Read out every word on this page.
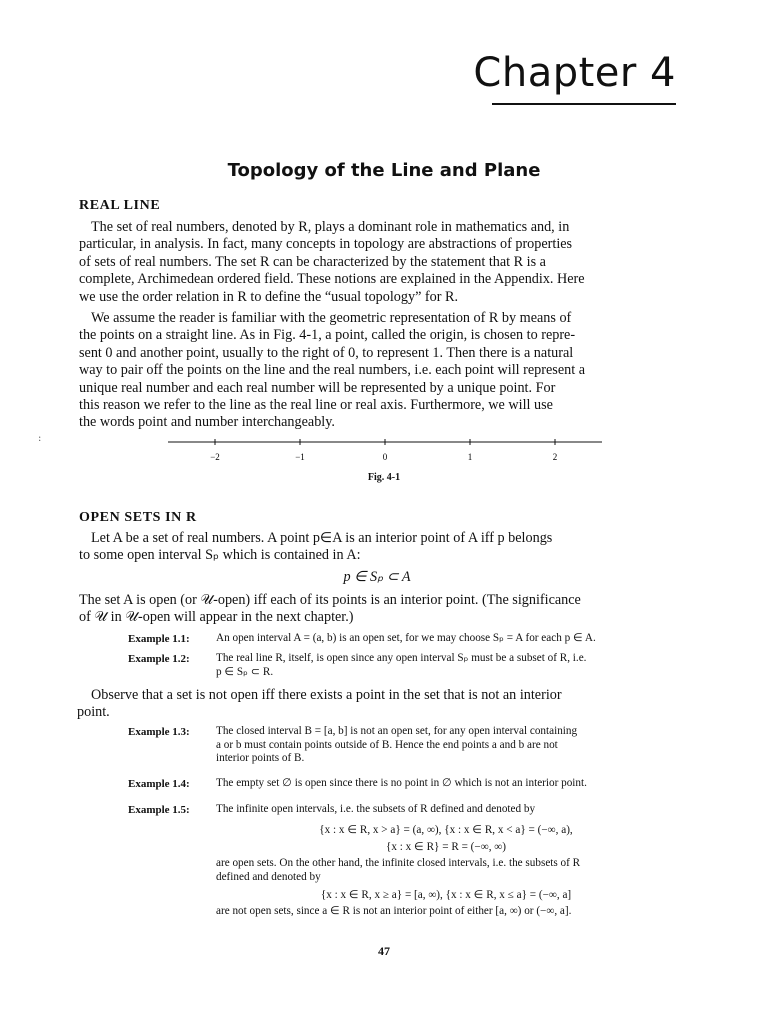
Chapter 4
Topology of the Line and Plane
REAL LINE
The set of real numbers, denoted by R, plays a dominant role in mathematics and, in
particular, in analysis. In fact, many concepts in topology are abstractions of properties
of sets of real numbers. The set R can be characterized by the statement that R is a
complete, Archimedean ordered field. These notions are explained in the Appendix. Here
we use the order relation in R to define the “usual topology” for R.
We assume the reader is familiar with the geometric representation of R by means of
the points on a straight line. As in Fig. 4-1, a point, called the origin, is chosen to repre-
sent 0 and another point, usually to the right of 0, to represent 1. Then there is a natural
way to pair off the points on the line and the real numbers, i.e. each point will represent a
unique real number and each real number will be represented by a unique point. For
this reason we refer to the line as the real line or real axis. Furthermore, we will use
the words point and number interchangeably.
:
−2	−1	0	1	2
Fig. 4-1
OPEN SETS IN R
Let A be a set of real numbers. A point p∈A is an interior point of A iff p belongs
to some open interval Sₚ which is contained in A:
p ∈ Sₚ ⊂ A
The set A is open (or 𝒰-open) iff each of its points is an interior point. (The significance
of 𝒰 in 𝒰-open will appear in the next chapter.)
Example 1.1: An open interval A = (a, b) is an open set, for we may choose Sₚ = A for each p ∈ A.
Example 1.2: The real line R, itself, is open since any open interval Sₚ must be a subset of R, i.e.
p ∈ Sₚ ⊂ R.
Observe that a set is not open iff there exists a point in the set that is not an interior
point.
Example 1.3: The closed interval B = [a, b] is not an open set, for any open interval containing
a or b must contain points outside of B. Hence the end points a and b are not
interior points of B.
Example 1.4: The empty set ∅ is open since there is no point in ∅ which is not an interior point.
Example 1.5: The infinite open intervals, i.e. the subsets of R defined and denoted by
{x : x ∈ R, x > a} = (a, ∞), {x : x ∈ R, x < a} = (−∞, a),
{x : x ∈ R} = R = (−∞, ∞)
are open sets. On the other hand, the infinite closed intervals, i.e. the subsets of R
defined and denoted by
{x : x ∈ R, x ≥ a} = [a, ∞), {x : x ∈ R, x ≤ a} = (−∞, a]
are not open sets, since a ∈ R is not an interior point of either [a, ∞) or (−∞, a].
47
